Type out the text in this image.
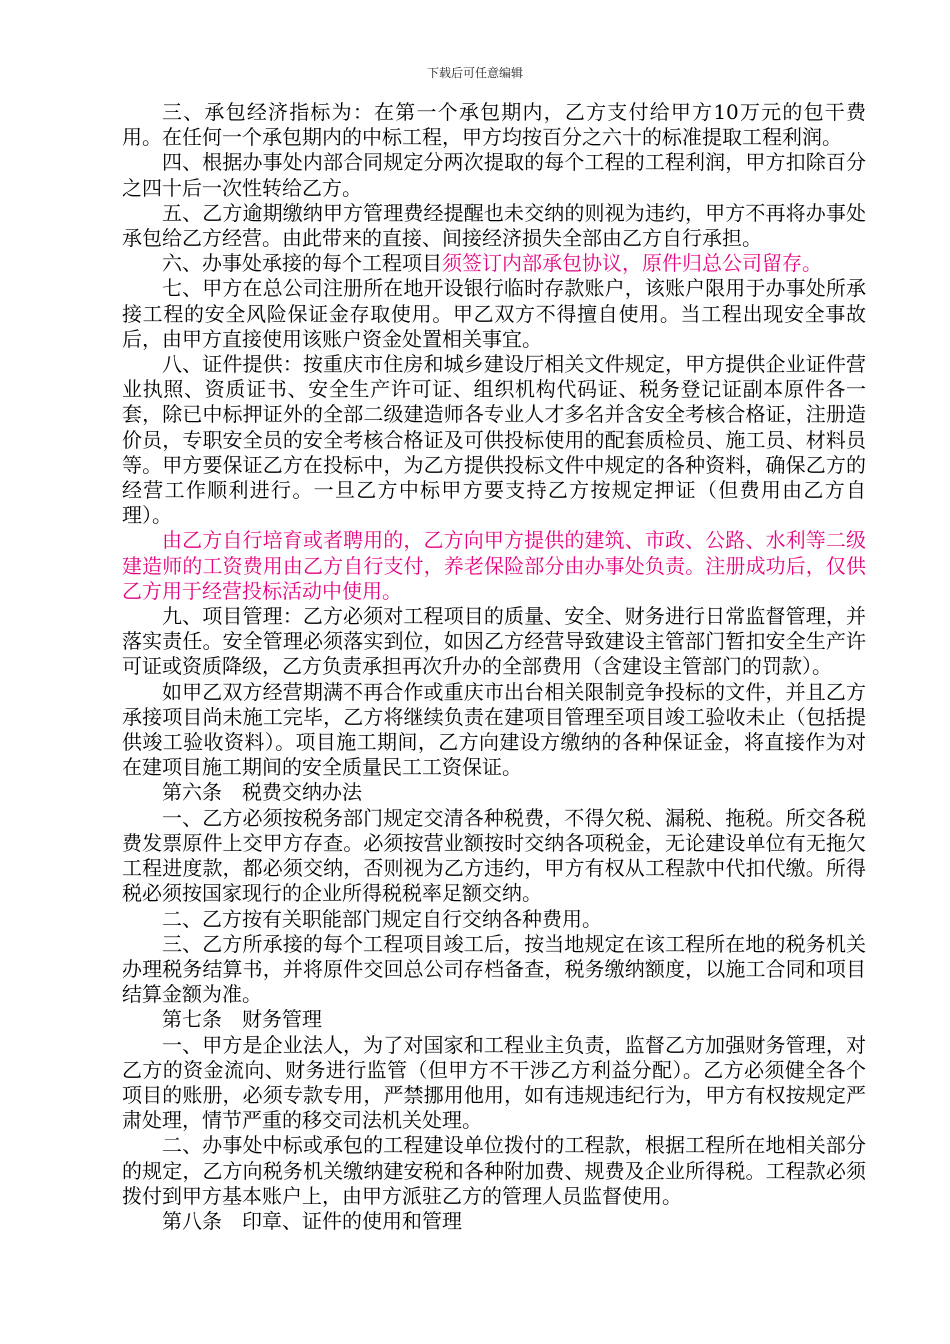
下载后可任意编辑

三、承包经济指标为：在第一个承包期内，乙方支付给甲方10万元的包干费用。在任何一个承包期内的中标工程，甲方均按百分之六十的标准提取工程利润。

四、根据办事处内部合同规定分两次提取的每个工程的工程利润，甲方扣除百分之四十后一次性转给乙方。

五、乙方逾期缴纳甲方管理费经提醒也未交纳的则视为违约，甲方不再将办事处承包给乙方经营。由此带来的直接、间接经济损失全部由乙方自行承担。

六、办事处承接的每个工程项目须签订内部承包协议，原件归总公司留存。

七、甲方在总公司注册所在地开设银行临时存款账户，该账户限用于办事处所承接工程的安全风险保证金存取使用。甲乙双方不得擅自使用。当工程出现安全事故后，由甲方直接使用该账户资金处置相关事宜。

八、证件提供：按重庆市住房和城乡建设厅相关文件规定，甲方提供企业证件营业执照、资质证书、安全生产许可证、组织机构代码证、税务登记证副本原件各一套，除已中标押证外的全部二级建造师各专业人才多名并含安全考核合格证，注册造价员，专职安全员的安全考核合格证及可供投标使用的配套质检员、施工员、材料员等。甲方要保证乙方在投标中，为乙方提供投标文件中规定的各种资料，确保乙方的经营工作顺利进行。一旦乙方中标甲方要支持乙方按规定押证（但费用由乙方自理）。

由乙方自行培育或者聘用的，乙方向甲方提供的建筑、市政、公路、水利等二级建造师的工资费用由乙方自行支付，养老保险部分由办事处负责。注册成功后，仅供乙方用于经营投标活动中使用。

九、项目管理：乙方必须对工程项目的质量、安全、财务进行日常监督管理，并落实责任。安全管理必须落实到位，如因乙方经营导致建设主管部门暂扣安全生产许可证或资质降级，乙方负责承担再次升办的全部费用（含建设主管部门的罚款）。

如甲乙双方经营期满不再合作或重庆市出台相关限制竞争投标的文件，并且乙方承接项目尚未施工完毕，乙方将继续负责在建项目管理至项目竣工验收未止（包括提供竣工验收资料）。项目施工期间，乙方向建设方缴纳的各种保证金，将直接作为对在建项目施工期间的安全质量民工工资保证。

第六条　税费交纳办法

一、乙方必须按税务部门规定交清各种税费，不得欠税、漏税、拖税。所交各税费发票原件上交甲方存查。必须按营业额按时交纳各项税金，无论建设单位有无拖欠工程进度款，都必须交纳，否则视为乙方违约，甲方有权从工程款中代扣代缴。所得税必须按国家现行的企业所得税税率足额交纳。

二、乙方按有关职能部门规定自行交纳各种费用。

三、乙方所承接的每个工程项目竣工后，按当地规定在该工程所在地的税务机关办理税务结算书，并将原件交回总公司存档备查，税务缴纳额度，以施工合同和项目结算金额为准。

第七条　财务管理

一、甲方是企业法人，为了对国家和工程业主负责，监督乙方加强财务管理，对乙方的资金流向、财务进行监管（但甲方不干涉乙方利益分配）。乙方必须健全各个项目的账册，必须专款专用，严禁挪用他用，如有违规违纪行为，甲方有权按规定严肃处理，情节严重的移交司法机关处理。

二、办事处中标或承包的工程建设单位拨付的工程款，根据工程所在地相关部分的规定，乙方向税务机关缴纳建安税和各种附加费、规费及企业所得税。工程款必须拨付到甲方基本账户上，由甲方派驻乙方的管理人员监督使用。

第八条　印章、证件的使用和管理
